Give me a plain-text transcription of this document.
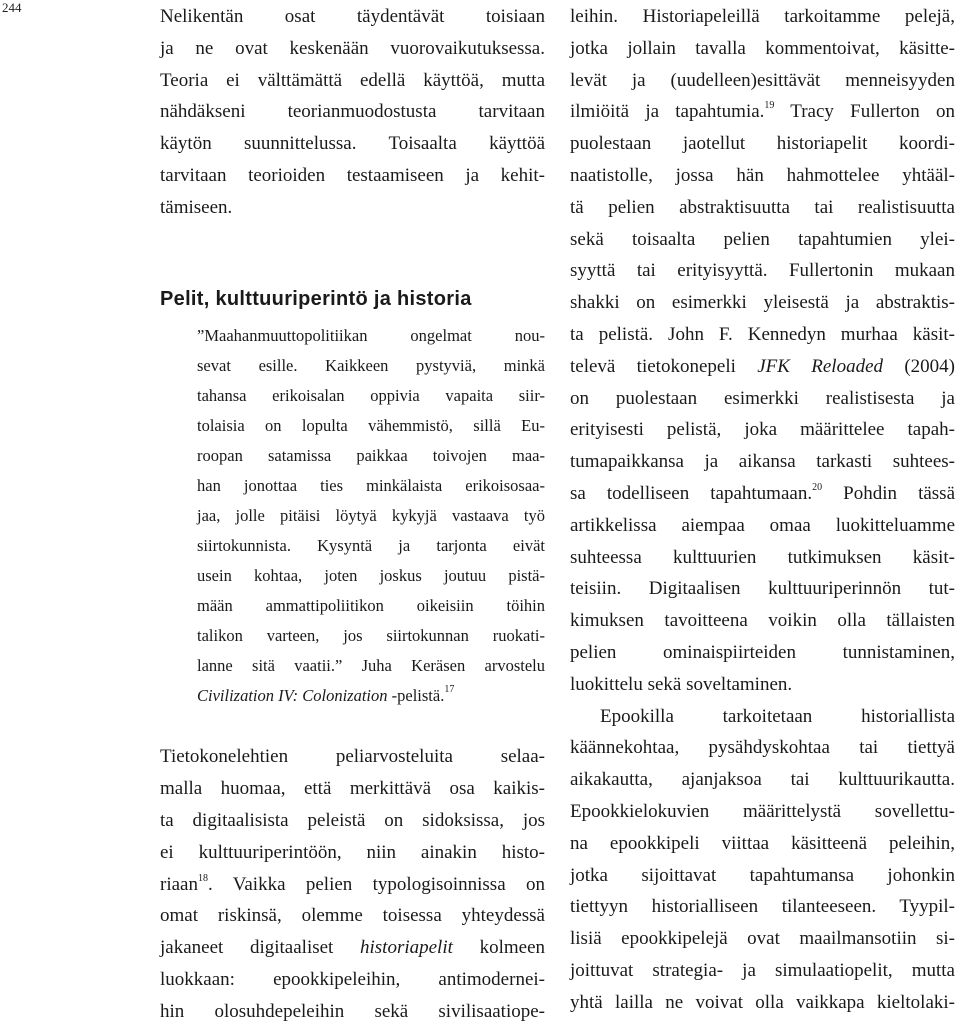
244	Nelikentän osat täydentävät toisiaan
ja ne ovat keskenään vuorovaikutuksessa.
Teoria ei välttämättä edellä käyttöä, mutta
nähdäkseni teorianmuodostusta tarvitaan
käytön suunnittelussa. Toisaalta käyttöä
tarvitaan teorioiden testaamiseen ja kehit-
tämiseen.
Pelit, kulttuuriperintö ja historia
”Maahanmuuttopolitiikan ongelmat nou-
sevat esille. Kaikkeen pystyviä, minkä
tahansa erikoisalan oppivia vapaita siir-
tolaisia on lopulta vähemmistö, sillä Eu-
roopan satamissa paikkaa toivojen maa-
han jonottaa ties minkälaista erikoisosaa-
jaa, jolle pitäisi löytyä kykyjä vastaava työ
siirtokunnista. Kysyntä ja tarjonta eivät
usein kohtaa, joten joskus joutuu pistä-
mään ammattipoliitikon oikeisiin töihin
talikon varteen, jos siirtokunnan ruokati-
lanne sitä vaatii.” Juha Keräsen arvostelu
Civilization IV: Colonization -pelistä.$^{17}$
Tietokonelehtien peliarvosteluita selaa-
malla huomaa, että merkittävä osa kaikis-
ta digitaalisista peleistä on sidoksissa, jos
ei kulttuuriperintöön, niin ainakin histo-
riaan$^{18}$. Vaikka pelien typologisoinnissa on
omat riskinsä, olemme toisessa yhteydessä
jakaneet digitaaliset historiapelit kolmeen
luokkaan: epookkipeleihin, antimodernei-
hin olosuhdepeleihin sekä sivilisaatiope-
leihin. Historiapeleillä tarkoitamme pelejä,
jotka jollain tavalla kommentoivat, käsitte-
levät ja (uudelleen)esittävät menneisyyden
ilmiöitä ja tapahtumia.$^{19}$ Tracy Fullerton on
puolestaan jaotellut historiapelit koordi-
naatistolle, jossa hän hahmottelee yhtääl-
tä pelien abstraktisuutta tai realistisuutta
sekä toisaalta pelien tapahtumien ylei-
syyttä tai erityisyyttä. Fullertonin mukaan
shakki on esimerkki yleisestä ja abstraktis-
ta pelistä. John F. Kennedyn murhaa käsit-
televä tietokonepeli JFK Reloaded (2004)
on puolestaan esimerkki realistisesta ja
erityisesti pelistä, joka määrittelee tapah-
tumapaikkansa ja aikansa tarkasti suhtees-
sa todelliseen tapahtumaan.$^{20}$ Pohdin tässä
artikkelissa aiempaa omaa luokitteluamme
suhteessa kulttuurien tutkimuksen käsit-
teisiin. Digitaalisen kulttuuriperinnön tut-
kimuksen tavoitteena voikin olla tällaisten
pelien ominaispiirteiden tunnistaminen,
luokittelu sekä soveltaminen.
Epookilla tarkoitetaan historiallista
käännekohtaa, pysähdyskohtaa tai tiettyä
aikakautta, ajanjaksoa tai kulttuurikautta.
Epookkielokuvien määrittelystä sovellettu-
na epookkipeli viittaa käsitteenä peleihin,
jotka sijoittavat tapahtumansa johonkin
tiettyyn historialliseen tilanteeseen. Tyypil-
lisiä epookkipelejä ovat maailmansotiin si-
joittuvat strategia- ja simulaatiopelit, mutta
yhtä lailla ne voivat olla vaikkapa kieltolaki-
